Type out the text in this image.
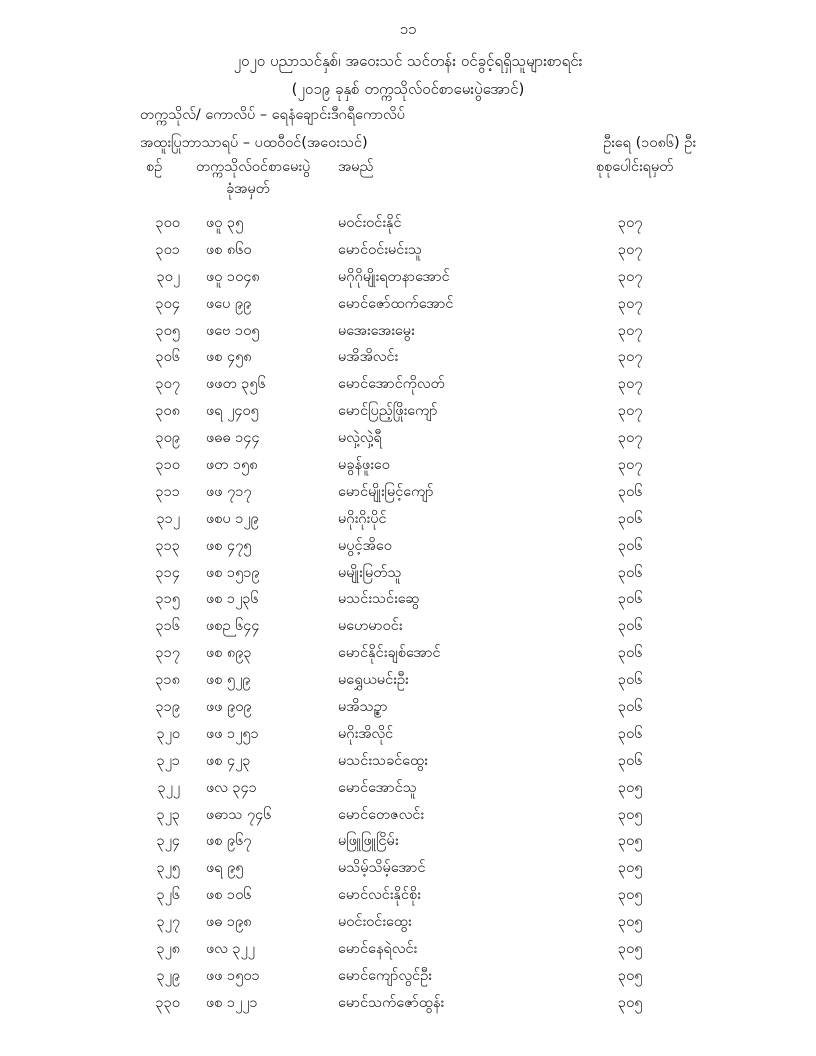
၁၁
၂၀၂၀ ပညာသင်နှစ်၊ အဝေးသင် သင်တန်း ဝင်ခွင့်ရရှိသူများစာရင်း
(၂၀၁၉ ခုနှစ် တက္ကသိုလ်ဝင်စာမေးပွဲအောင်)
တက္ကသိုလ်/ ကောလိပ် – ရေနံချောင်းဒီဂရီကောလိပ်
အထူးပြုဘာသာရပ် – ပထဝီဝင်(အဝေးသင်)	ဦးရေ (၁၀၈၆) ဦး
စဉ် တက္ကသိုလ်ဝင်စာမေးပွဲ
ခုံအမှတ်
အမည်	စုစုပေါင်းရမှတ်
၃၀၀ ဖဝူ ၃၅	မဝင်းဝင်းနိုင်	၃၀၇
၃၀၁ ဖစ ၈၆၀	မောင်ဝင်းမင်းသူ	၃၀၇
၃၀၂ ဖဝူ ၁၀၄၈	မဂိုဂိုမျိုးရတနာအောင်	၃၀၇
၃၀၄ ဖပေ ၉၉	မောင်ဇော်ထက်အောင်	၃၀၇
၃၀၅ ဖဗေ ၁၀၅	မအေးအေးမွေး	၃၀၇
၃၀၆ ဖစ ၄၅၈	မအိအိလင်း	၃၀၇
၃၀၇ ဖဖတ ၃၅၆	မောင်အောင်ကိုလတ်	၃၀၇
၃၀၈ ဖရ ၂၄၀၅	မောင်ပြည့်ဖြိုးကျော်	၃၀၇
၃၀၉ ဖဓဓ ၁၄၄	မလှဲ့လှဲ့ရီ	၃၀၇
၃၁၀ ဖတ ၁၅၈	မခွန်ဖူးဝေ	၃၀၇
၃၁၁ ဖဖ ၇၁၇	မောင်မျိုးမြင့်ကျော်	၃၀၆
၃၁၂ ဖစပ ၁၂၉	မဂိုးဂိုးပိုင်	၃၀၆
၃၁၃ ဖစ ၄၇၅	မပွင့်အိဝေ	၃၀၆
၃၁၄ ဖစ ၁၅၁၉	မမျိုးမြတ်သူ	၃၀၆
၃၁၅ ဖစ ၁၂၃၆	မသင်းသင်းဆွေ	၃၀၆
၃၁၆ ဖစဉ ၆၄၄	မဟေမာဝင်း	၃၀၆
၃၁၇ ဖစ ၈၉၃	မောင်နိုင်းချစ်အောင်	၃၀၆
၃၁၈ ဖစ ၅၂၉	မရွှေယမင်းဦး	၃၀၆
၃၁၉ ဖဖ ၉၀၉	မအိသဥ္စာ	၃၀၆
၃၂၀ ဖဖ ၁၂၅၁	မဂိုးအိလိုင်	၃၀၆
၃၂၁ ဖစ ၄၂၃	မသင်းသခင်ထွေး	၃၀၆
၃၂၂ ဖလ ၃၄၁	မောင်အောင်သူ	၃၀၅
၃၂၃ ဖဓာသ ၇၄၆	မောင်တေဇလင်း	၃၀၅
၃၂၄ ဖစ ၉၆၇	မဖြူဖြူငြိမ်း	၃၀၅
၃၂၅ ဖရ ၉၅	မသိမ့်သိမ့်အောင်	၃၀၅
၃၂၆ ဖစ ၁၀၆	မောင်လင်းနိုင်စိုး	၃၀၅
၃၂၇ ဖဓ ၁၉၈	မဝင်းဝင်းထွေး	၃၀၅
၃၂၈ ဖလ ၃၂၂	မောင်နေရဲလင်း	၃၀၅
၃၂၉ ဖဖ ၁၅၀၁	မောင်ကျော်လွင်ဦး	၃၀၅
၃၃၀ ဖစ ၁၂၂၁	မောင်သက်ဇော်ထွန်း	၃၀၅
